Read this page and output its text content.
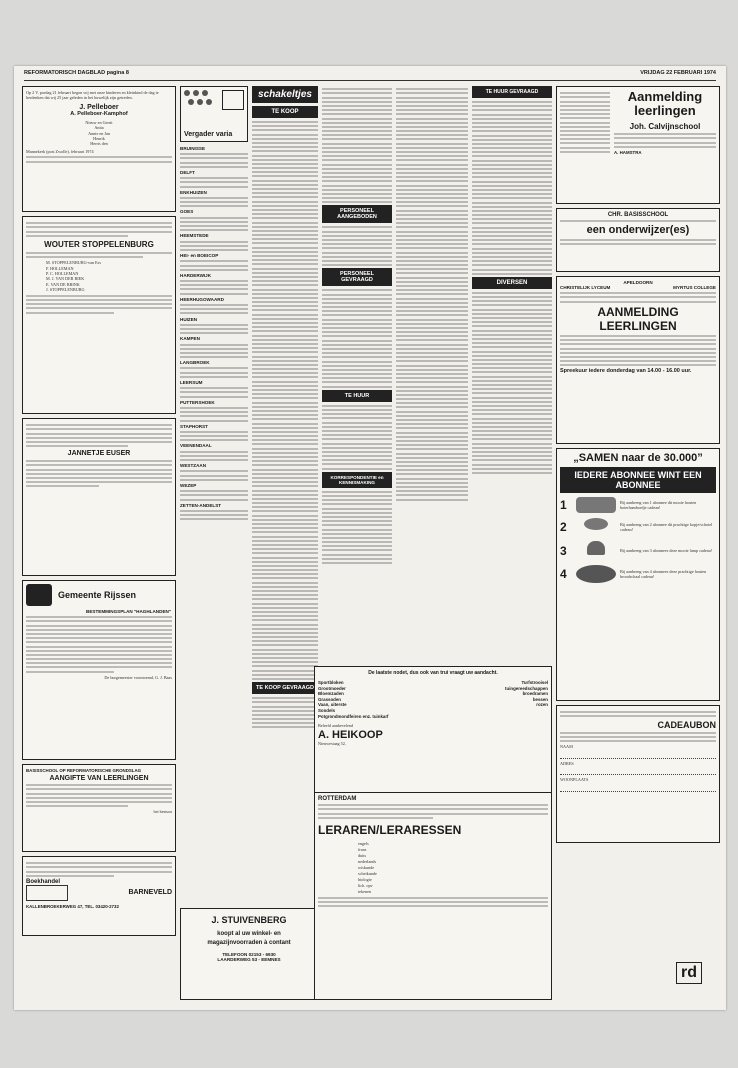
REFORMATORISCH DAGBLAD pagina 8	VRIJDAG 22 FEBRUARI 1974
Op 2 V. pordag 21 februari begon wij met onze kinderen en kleinkind de dag te herdenken dat wij 25 jaar geleden in het huwelijk zijn getreden.
J. Pelleboer
A. Pelleboer-Kamphof
Nieuw en Gerrit
Anita
Annie en Jan
Henrik
Herris den
Mannekerk (post Zwolle), februari 1974
WOUTER STOPPELENBURG
M. STOPPELENBURG-van Ess
F. HOLLEMAN
P. C. HOLLEMAN
M. J. VAN DER BIEK
E. VAN DE BRINK
J. STOPPELENBURG
JANNETJE EUSER
Gemeente Rijssen
BESTEMMINGSPLAN "HAGHLANDEN"
De burgemeester voornoemd, G. J. Baas
BASISSCHOOL OP REFORMATORISCHE GRONDSLAG
AANGIFTE VAN LEERLINGEN
het bestuur
Boekhandel
BARNEVELD
KALLENBROEKERWEG 47, TEL. 03420-2732
Vergader varia
BRUINISSE
DELFT
ENKHUIZEN
GOES
HEEMSTEDE
HEI- en BOEICOP
HARDERWIJK
HEERHUGOWAARD
HUIZEN
KAMPEN
LANGBROEK
LEERSUM
PUTTERSHOEK
STAPHORST
VEENENDAAL
WESTZAAN
WEZEP
ZETTEN-ANDELST
J. STUIVENBERG
koopt al uw winkel- en
magazijnvoorraden à contant
TELEFOON 02153 - 6930
LAARDERWEG 53 - EEMNES
schakeltjes
TE KOOP
TE KOOP GEVRAAGD
PERSONEEL AANGEBODEN
PERSONEEL GEVRAAGD
TE HUUR
KORRESPONDENTIE en KENNISMAKING
TE HUUR GEVRAAGD
DIVERSEN
De laatste nodet, dus ook van trui vraagt uw aandacht.
Sportbloken
Grootmoeder
Bloemzaden
Grassoden
Vaan, uiterste
Sondels
Potgrondmondfeiren enz. tuinkarf
Turfstrooisel
tuingereedschappen
broedramen
bessen
rozen
Beleefd aanbevelend
A. HEIKOOP
Nieuwestaag 52,
ROTTERDAM
LERAREN/LERARESSEN
engels
frans
duits
nederlands
wiskunde
scheikunde
biologie
lich. opv
tekenen
Aanmelding leerlingen
Joh. Calvijnschool
A. HAMSTRA
CHR. BASISSCHOOL
een onderwijzer(es)
APELDOORN
CHRISTELIJK LYCEUM	MYRTUS COLLEGE
AANMELDING LEERLINGEN
Spreekuur iedere donderdag van 14.00 - 16.00 uur.
„SAMEN naar de 30.000”
IEDERE ABONNEE WINT EEN ABONNEE
1	Bij aanbreng van 1 abonnee dit mooie houten boterhambordje cadeau!
2	Bij aanbreng van 2 abonnee dit prachtige kopje/schotel cadeau!
3	Bij aanbreng van 3 abonnees deze mooie lamp cadeau!
4	Bij aanbreng van 4 abonnees deze prachtige houten broodschaal cadeau!
CADEAUBON
NAAM
ADRES
WOONPLAATS
rd
